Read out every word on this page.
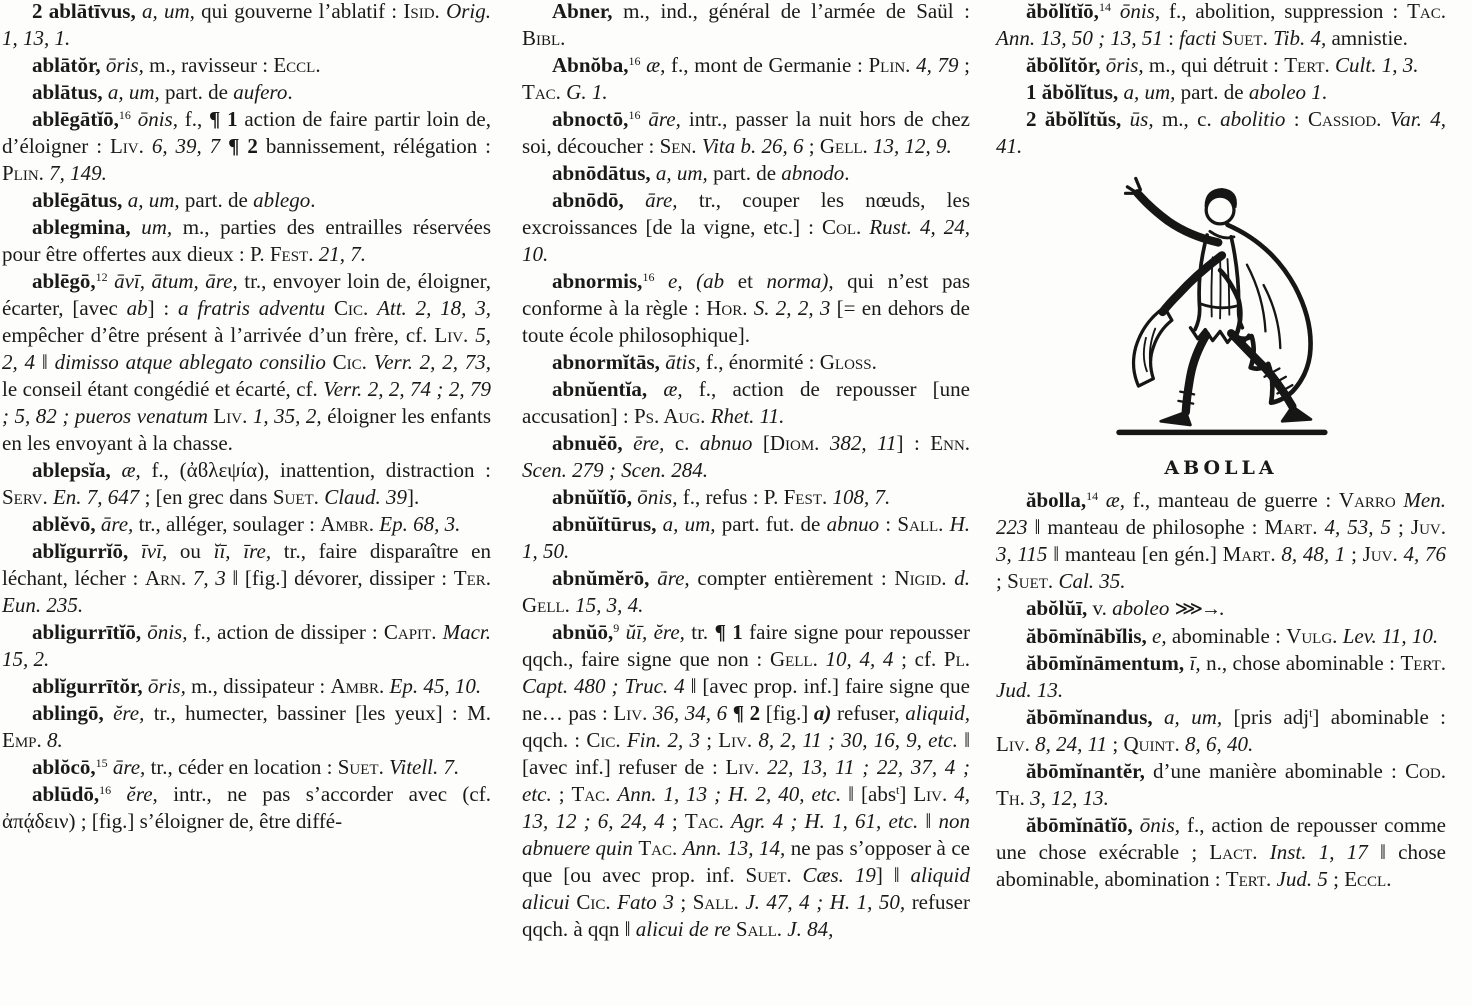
2 ablātīvus, a, um, qui gouverne l’ablatif : Isid. Orig. 1, 13, 1.

ablātŏr, ōris, m., ravisseur : Eccl.

ablātus, a, um, part. de aufero.

ablēgātĭō,$^{16}$ ōnis, f., ¶ 1 action de faire partir loin de, d’éloigner : Liv. 6, 39, 7 ¶ 2 bannissement, rélégation : Plin. 7, 149.

ablēgātus, a, um, part. de ablego.

ablegmina, um, m., parties des entrailles réservées pour être offertes aux dieux : P. Fest. 21, 7.

ablēgō,$^{12}$ āvī, ātum, āre, tr., envoyer loin de, éloigner, écarter, [avec ab] : a fratris adventu Cic. Att. 2, 18, 3, empêcher d’être présent à l’arrivée d’un frère, cf. Liv. 5, 2, 4 ‖ dimisso atque ablegato consilio Cic. Verr. 2, 2, 73, le conseil étant congédié et écarté, cf. Verr. 2, 2, 74 ; 2, 79 ; 5, 82 ; pueros venatum Liv. 1, 35, 2, éloigner les enfants en les envoyant à la chasse.

ablepsĭa, æ, f., (ἀϐλεψία), inattention, distraction : Serv. En. 7, 647 ; [en grec dans Suet. Claud. 39].

ablĕvō, āre, tr., alléger, soulager : Ambr. Ep. 68, 3.

ablĭgurrĭō, īvī, ou ĭī, īre, tr., faire disparaître en léchant, lécher : Arn. 7, 3 ‖ [fig.] dévorer, dissiper : Ter. Eun. 235.

abligurrītĭō, ōnis, f., action de dissiper : Capit. Macr. 15, 2.

ablĭgurrītŏr, ōris, m., dissipateur : Ambr. Ep. 45, 10.

ablingō, ĕre, tr., humecter, bassiner [les yeux] : M. Emp. 8.

ablŏcō,$^{15}$ āre, tr., céder en location : Suet. Vitell. 7.

ablūdō,$^{16}$ ĕre, intr., ne pas s’accorder avec (cf. ἀπᾴδειν) ; [fig.] s’éloigner de, être diffé-

Abner, m., ind., général de l’armée de Saül : Bibl.

Abnŏba,$^{16}$ æ, f., mont de Germanie : Plin. 4, 79 ; Tac. G. 1.

abnoctō,$^{16}$ āre, intr., passer la nuit hors de chez soi, découcher : Sen. Vita b. 26, 6 ; Gell. 13, 12, 9.

abnōdātus, a, um, part. de abnodo.

abnōdō, āre, tr., couper les nœuds, les excroissances [de la vigne, etc.] : Col. Rust. 4, 24, 10.

abnormis,$^{16}$ e, (ab et norma), qui n’est pas conforme à la règle : Hor. S. 2, 2, 3 [= en dehors de toute école philosophique].

abnormĭtās, ātis, f., énormité : Gloss.

abnŭentĭa, æ, f., action de repousser [une accusation] : Ps. Aug. Rhet. 11.

abnuĕō, ēre, c. abnuo [Diom. 382, 11] : Enn. Scen. 279 ; Scen. 284.

abnŭĭtĭō, ōnis, f., refus : P. Fest. 108, 7.

abnŭĭtūrus, a, um, part. fut. de abnuo : Sall. H. 1, 50.

abnŭmĕrō, āre, compter entièrement : Nigid. d. Gell. 15, 3, 4.

abnŭō,$^9$ ŭī, ĕre, tr. ¶ 1 faire signe pour repousser qqch., faire signe que non : Gell. 10, 4, 4 ; cf. Pl. Capt. 480 ; Truc. 4 ‖ [avec prop. inf.] faire signe que ne… pas : Liv. 36, 34, 6 ¶ 2 [fig.] a) refuser, aliquid, qqch. : Cic. Fin. 2, 3 ; Liv. 8, 2, 11 ; 30, 16, 9, etc. ‖ [avec inf.] refuser de : Liv. 22, 13, 11 ; 22, 37, 4 ; etc. ; Tac. Ann. 1, 13 ; H. 2, 40, etc. ‖ [abs$^t$] Liv. 4, 13, 12 ; 6, 24, 4 ; Tac. Agr. 4 ; H. 1, 61, etc. ‖ non abnuere quin Tac. Ann. 13, 14, ne pas s’opposer à ce que [ou avec prop. inf. Suet. Cæs. 19] ‖ aliquid alicui Cic. Fato 3 ; Sall. J. 47, 4 ; H. 1, 50, refuser qqch. à qqn ‖ alicui de re Sall. J. 84,

ăbŏlĭtĭō,$^{14}$ ōnis, f., abolition, suppression : Tac. Ann. 13, 50 ; 13, 51 : facti Suet. Tib. 4, amnistie.

ăbŏlĭtŏr, ōris, m., qui détruit : Tert. Cult. 1, 3.

1 ăbŏlĭtus, a, um, part. de aboleo 1.

2 ăbŏlĭtŭs, ūs, m., c. abolitio : Cassiod. Var. 4, 41.

ABOLLA

ăbolla,$^{14}$ æ, f., manteau de guerre : Varro Men. 223 ‖ manteau de philosophe : Mart. 4, 53, 5 ; Juv. 3, 115 ‖ manteau [en gén.] Mart. 8, 48, 1 ; Juv. 4, 76 ; Suet. Cal. 35.

abŏlŭī, v. aboleo ⋙→.

ăbōmĭnābĭlis, e, abominable : Vulg. Lev. 11, 10.

ăbōmĭnāmentum, ī, n., chose abominable : Tert. Jud. 13.

ăbōmĭnandus, a, um, [pris adj$^t$] abominable : Liv. 8, 24, 11 ; Quint. 8, 6, 40.

ăbōmĭnantĕr, d’une manière abominable : Cod. Th. 3, 12, 13.

ăbōmĭnātĭō, ōnis, f., action de repousser comme une chose exécrable ; Lact. Inst. 1, 17 ‖ chose abominable, abomination : Tert. Jud. 5 ; Eccl.
